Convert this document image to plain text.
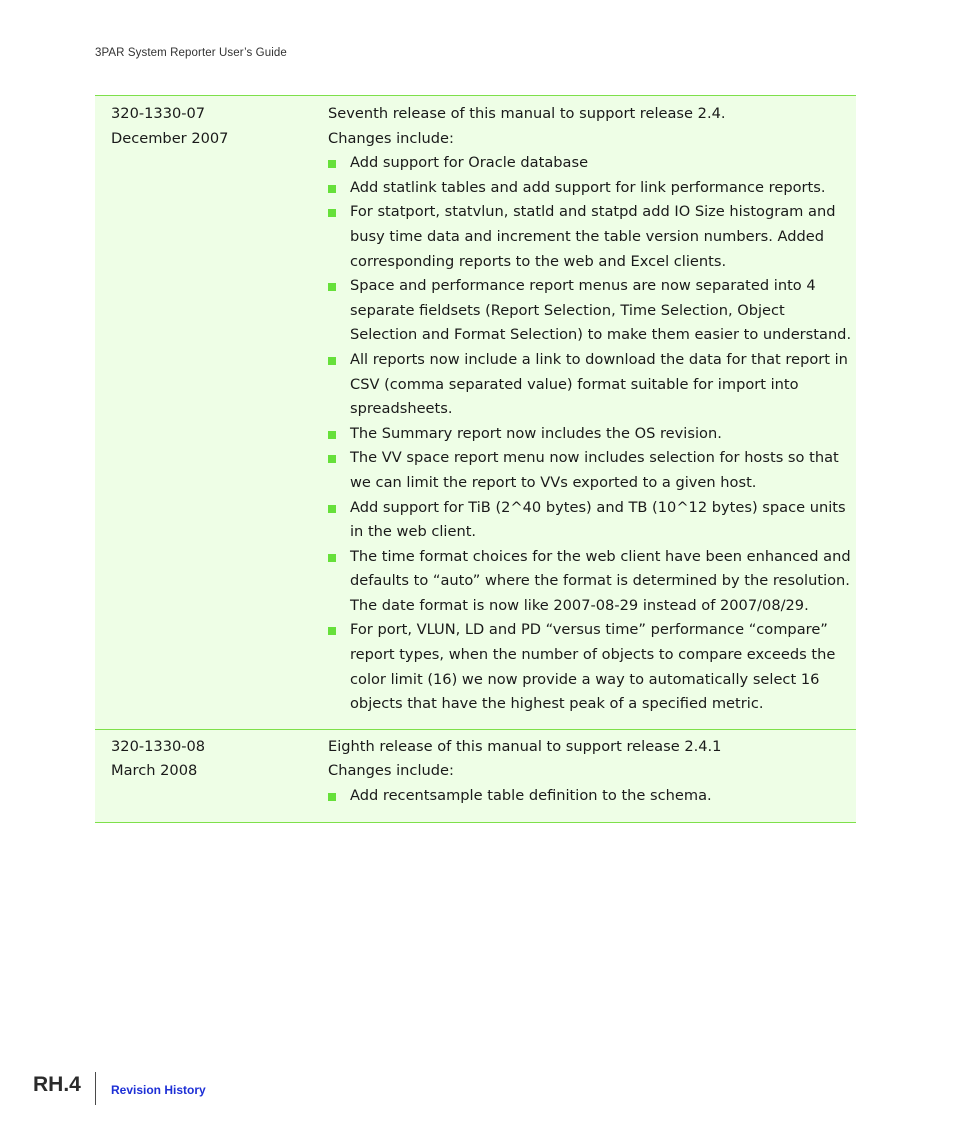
3PAR System Reporter User’s Guide
320-1330-07
December 2007

Seventh release of this manual to support release 2.4.

Changes include:

Add support for Oracle database
Add statlink tables and add support for link performance reports.
For statport, statvlun, statld and statpd add IO Size histogram and busy time data and increment the table version numbers. Added corresponding reports to the web and Excel clients.
Space and performance report menus are now separated into 4 separate fieldsets (Report Selection, Time Selection, Object Selection and Format Selection) to make them easier to understand.
All reports now include a link to download the data for that report in CSV (comma separated value) format suitable for import into spreadsheets.
The Summary report now includes the OS revision.
The VV space report menu now includes selection for hosts so that we can limit the report to VVs exported to a given host.
Add support for TiB (2^40 bytes) and TB (10^12 bytes) space units in the web client.
The time format choices for the web client have been enhanced and defaults to “auto” where the format is determined by the resolution. The date format is now like 2007-08-29 instead of 2007/08/29.
For port, VLUN, LD and PD “versus time” performance “compare” report types, when the number of objects to compare exceeds the color limit (16) we now provide a way to automatically select 16 objects that have the highest peak of a specified metric.
320-1330-08
March 2008

Eighth release of this manual to support release 2.4.1

Changes include:

Add recentsample table definition to the schema.
RH.4	Revision History
